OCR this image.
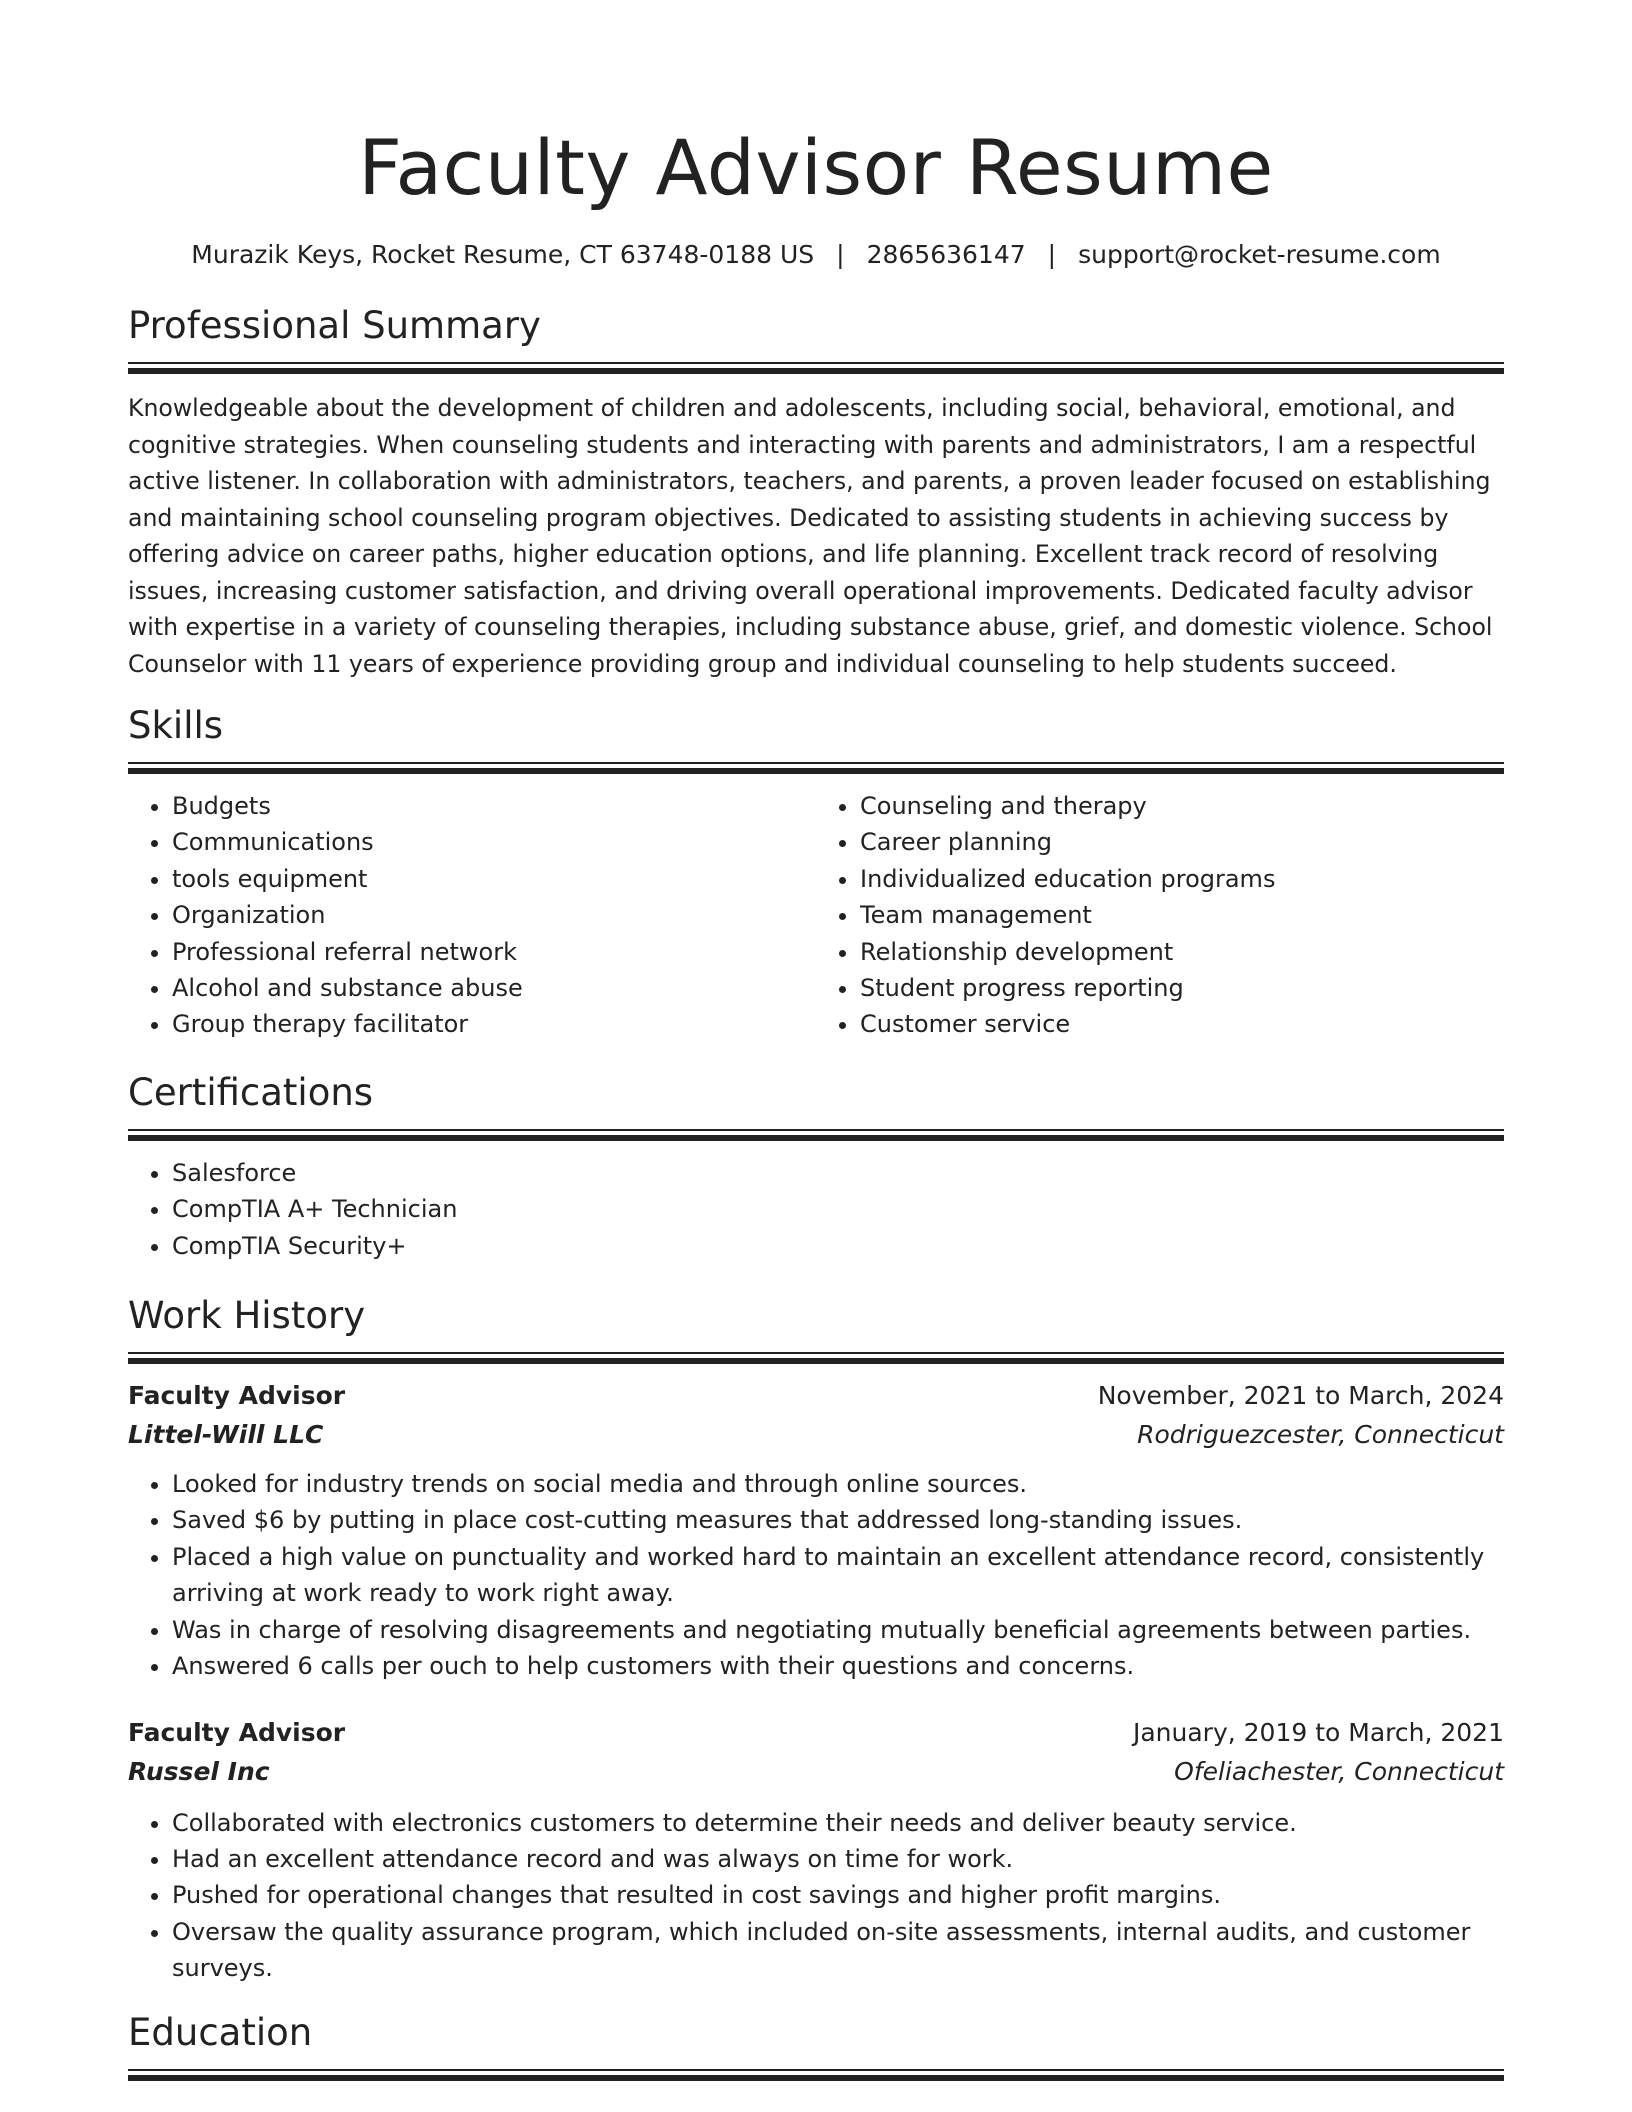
Faculty Advisor Resume
Murazik Keys, Rocket Resume, CT 63748-0188 US | 2865636147 | support@rocket-resume.com
Professional Summary

Knowledgeable about the development of children and adolescents, including social, behavioral, emotional, and cognitive strategies. When counseling students and interacting with parents and administrators, I am a respectful active listener. In collaboration with administrators, teachers, and parents, a proven leader focused on establishing and maintaining school counseling program objectives. Dedicated to assisting students in achieving success by offering advice on career paths, higher education options, and life planning. Excellent track record of resolving issues, increasing customer satisfaction, and driving overall operational improvements. Dedicated faculty advisor with expertise in a variety of counseling therapies, including substance abuse, grief, and domestic violence. School Counselor with 11 years of experience providing group and individual counseling to help students succeed.

Skills
• Budgets
• Communications
• tools equipment
• Organization
• Professional referral network
• Alcohol and substance abuse
• Group therapy facilitator
• Counseling and therapy
• Career planning
• Individualized education programs
• Team management
• Relationship development
• Student progress reporting
• Customer service
Certifications
• Salesforce
• CompTIA A+ Technician
• CompTIA Security+
Work History
Faculty Advisor	November, 2021 to March, 2024
Littel-Will LLC	Rodriguezcester, Connecticut
• Looked for industry trends on social media and through online sources.
• Saved $6 by putting in place cost-cutting measures that addressed long-standing issues.
• Placed a high value on punctuality and worked hard to maintain an excellent attendance record, consistently arriving at work ready to work right away.
• Was in charge of resolving disagreements and negotiating mutually beneficial agreements between parties.
• Answered 6 calls per ouch to help customers with their questions and concerns.
Faculty Advisor	January, 2019 to March, 2021
Russel Inc	Ofeliachester, Connecticut
• Collaborated with electronics customers to determine their needs and deliver beauty service.
• Had an excellent attendance record and was always on time for work.
• Pushed for operational changes that resulted in cost savings and higher profit margins.
• Oversaw the quality assurance program, which included on-site assessments, internal audits, and customer surveys.
Education
